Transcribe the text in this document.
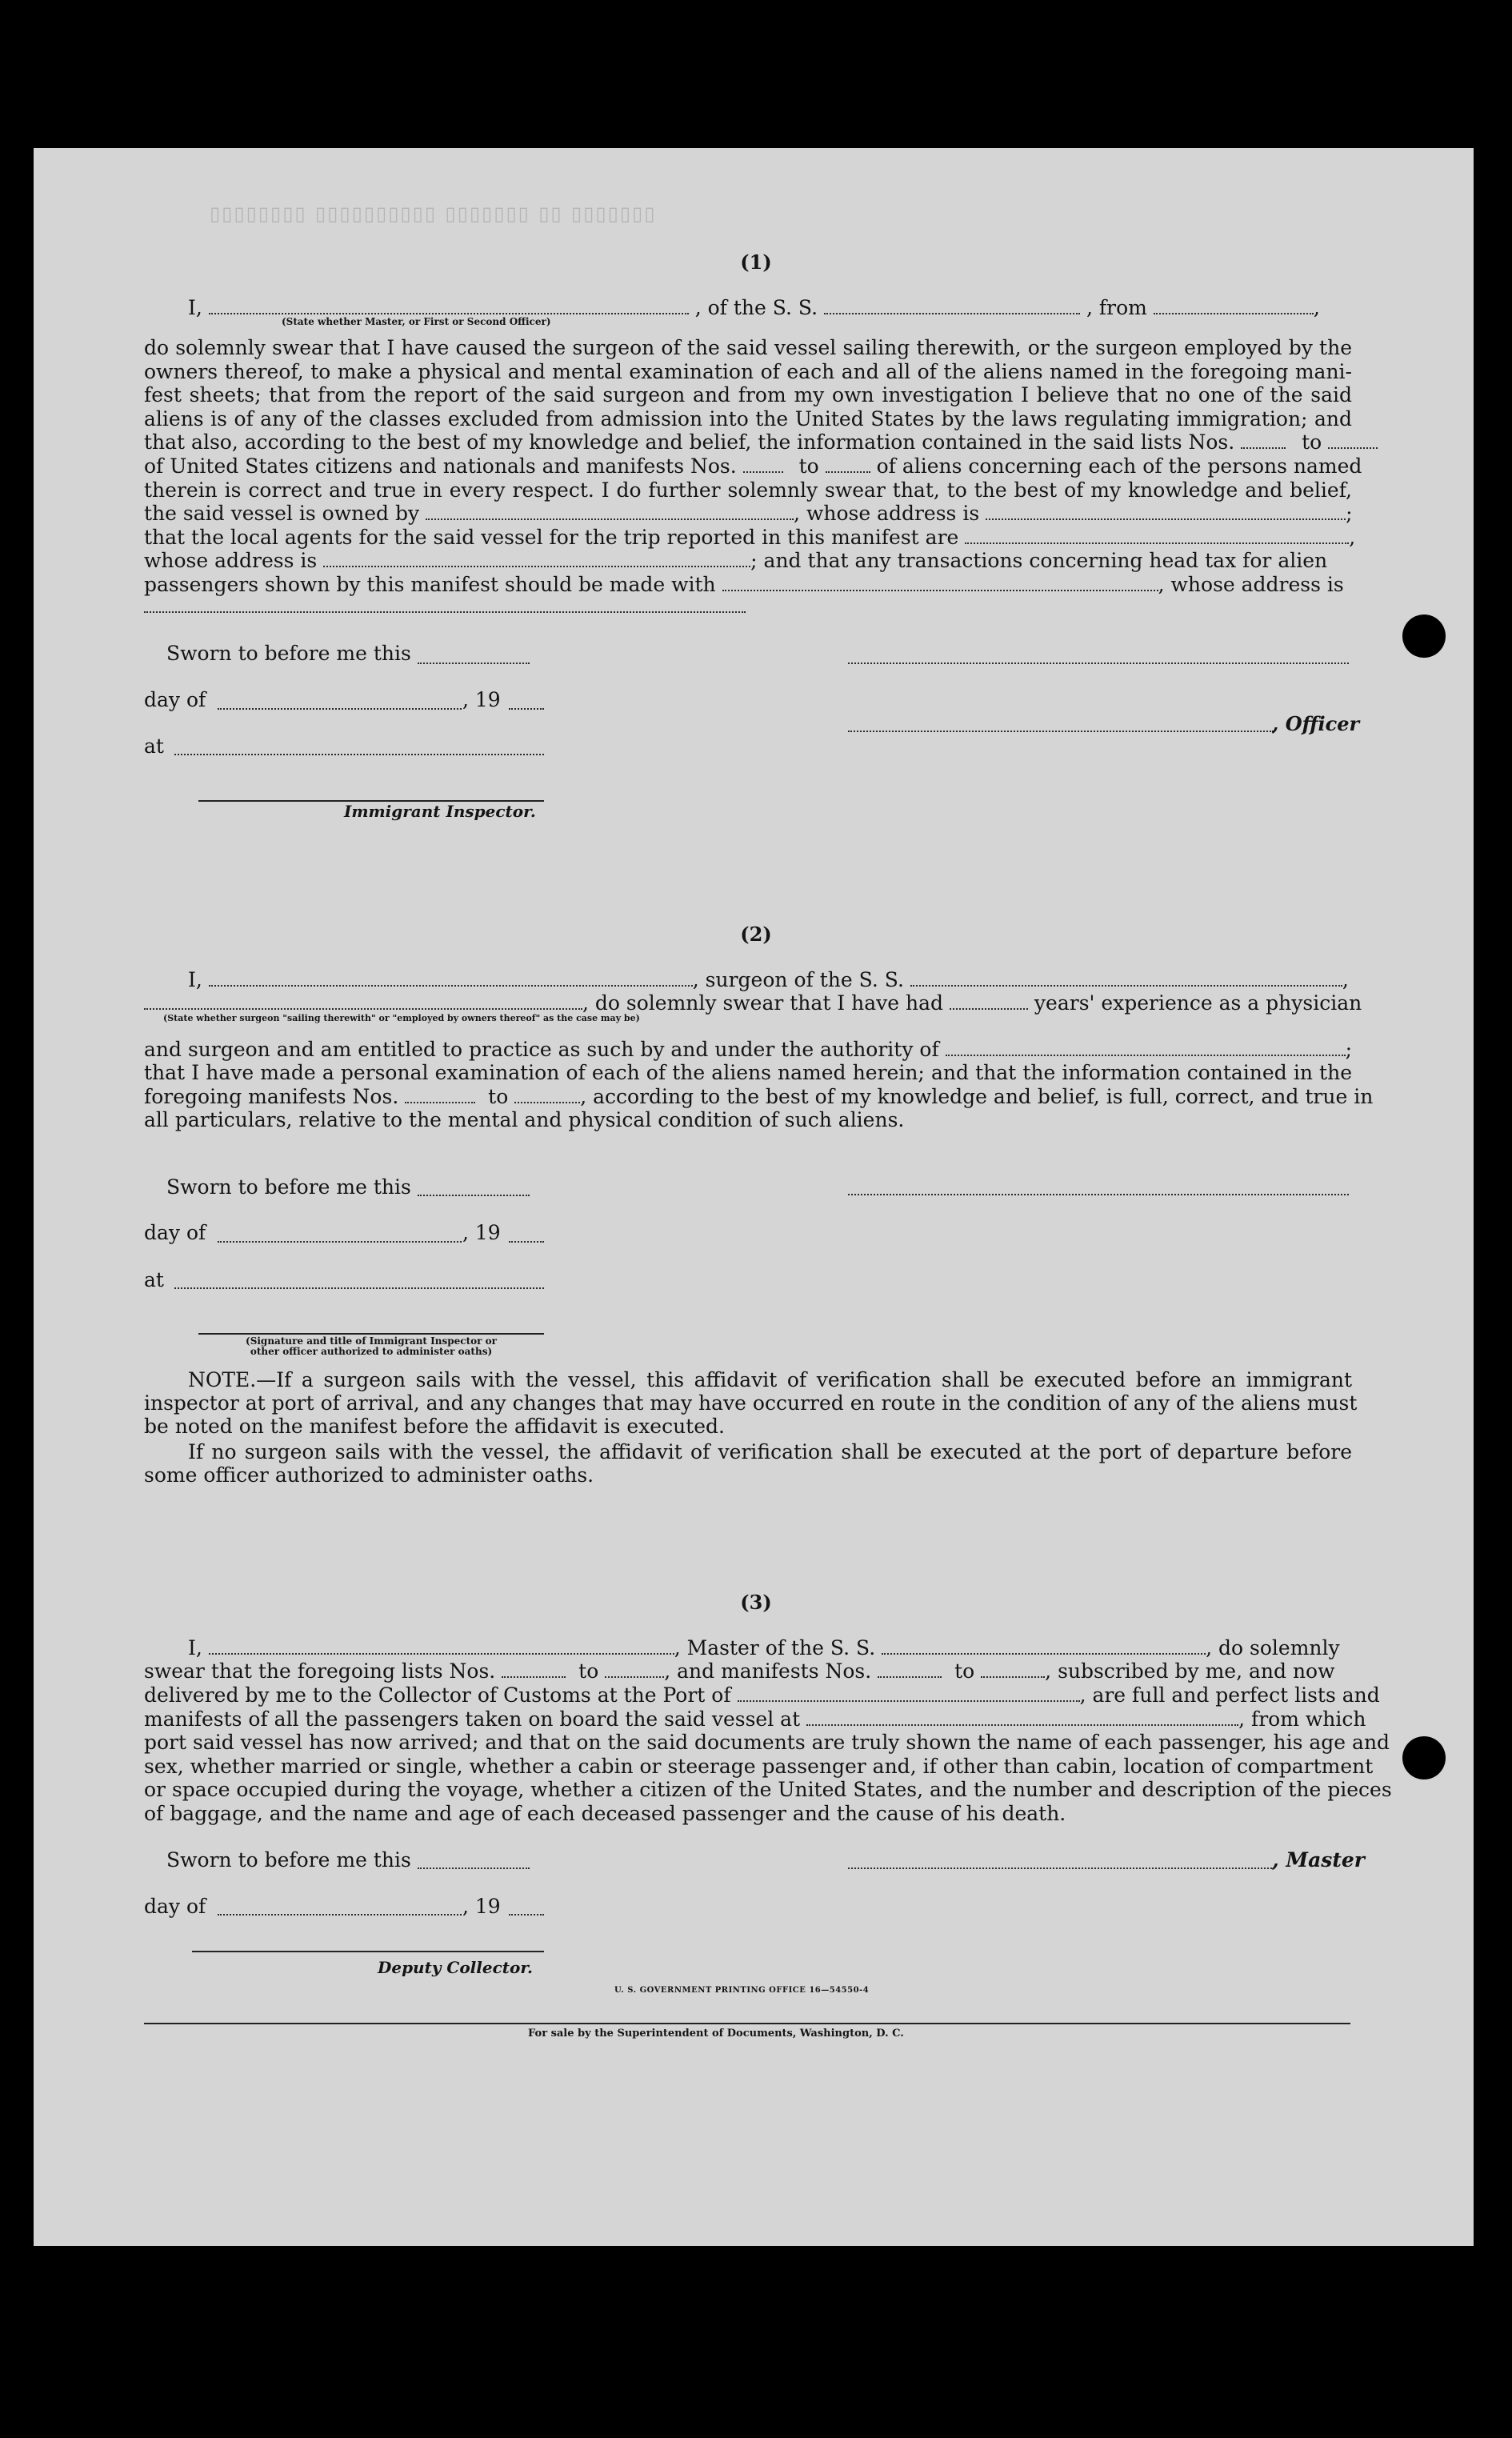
▯▯▯▯▯▯▯ ▯▯ ▯▯▯▯▯▯▯ ▯▯▯▯▯▯▯▯▯▯ ▯▯▯▯▯▯▯▯
(1)
I,	, of the S. S.	, from	,
(State whether Master, or First or Second Officer)
do solemnly swear that I have caused the surgeon of the said vessel sailing therewith, or the surgeon employed by the
owners thereof, to make a physical and mental examination of each and all of the aliens named in the foregoing mani-
fest sheets; that from the report of the said surgeon and from my own investigation I believe that no one of the said
aliens is of any of the classes excluded from admission into the United States by the laws regulating immigration; and
that also, according to the best of my knowledge and belief, the information contained in the said lists Nos.	to
of United States citizens and nationals and manifests Nos.	to	of aliens concerning each of the persons named
therein is correct and true in every respect. I do further solemnly swear that, to the best of my knowledge and belief,
the said vessel is owned by	, whose address is	;
that the local agents for the said vessel for the trip reported in this manifest are	,
whose address is	; and that any transactions concerning head tax for alien
passengers shown by this manifest should be made with	, whose address is
Sworn to before me this
day of	, 19
, Officer
at
Immigrant Inspector.
(2)
I,	, surgeon of the S. S.	,
, do solemnly swear that I have had	years' experience as a physician
(State whether surgeon "sailing therewith" or "employed by owners thereof" as the case may be)
and surgeon and am entitled to practice as such by and under the authority of	;
that I have made a personal examination of each of the aliens named herein; and that the information contained in the
foregoing manifests Nos.	to	, according to the best of my knowledge and belief, is full, correct, and true in
all particulars, relative to the mental and physical condition of such aliens.
Sworn to before me this
day of	, 19
at
(Signature and title of Immigrant Inspector or
other officer authorized to administer oaths)
NOTE.—If a surgeon sails with the vessel, this affidavit of verification shall be executed before an immigrant
inspector at port of arrival, and any changes that may have occurred en route in the condition of any of the aliens must
be noted on the manifest before the affidavit is executed.
If no surgeon sails with the vessel, the affidavit of verification shall be executed at the port of departure before
some officer authorized to administer oaths.
(3)
I,	, Master of the S. S.	, do solemnly
swear that the foregoing lists Nos.	to	, and manifests Nos.	to	, subscribed by me, and now
delivered by me to the Collector of Customs at the Port of	, are full and perfect lists and
manifests of all the passengers taken on board the said vessel at	, from which
port said vessel has now arrived; and that on the said documents are truly shown the name of each passenger, his age and
sex, whether married or single, whether a cabin or steerage passenger and, if other than cabin, location of compartment
or space occupied during the voyage, whether a citizen of the United States, and the number and description of the pieces
of baggage, and the name and age of each deceased passenger and the cause of his death.
Sworn to before me this	, Master
day of	, 19
Deputy Collector.
U. S. GOVERNMENT PRINTING OFFICE 16—54550-4
For sale by the Superintendent of Documents, Washington, D. C.
